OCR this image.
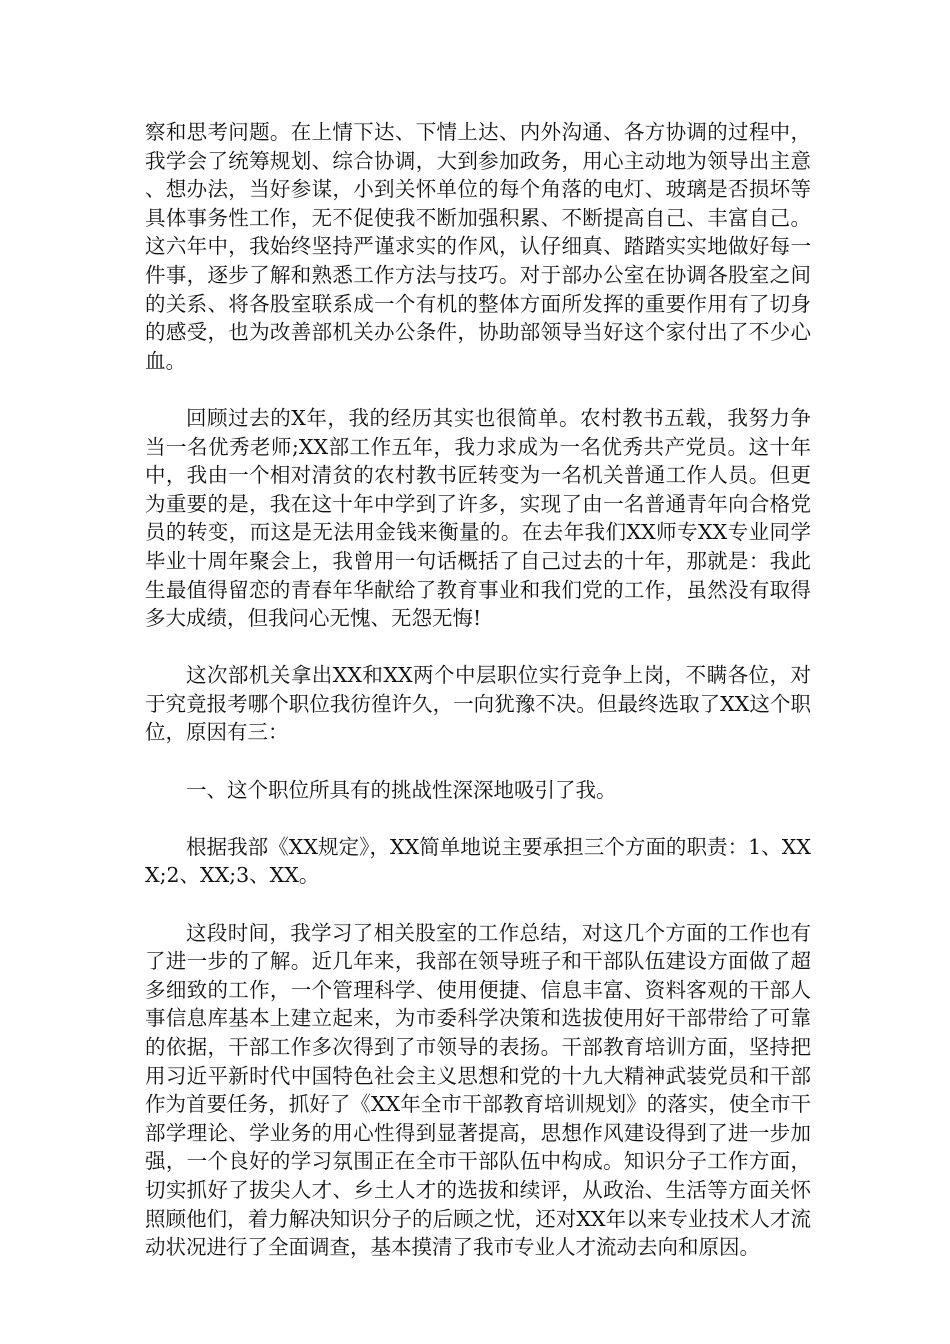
察和思考问题。在上情下达、下情上达、内外沟通、各方协调的过程中，我学会了统筹规划、综合协调，大到参加政务，用心主动地为领导出主意、想办法，当好参谋，小到关怀单位的每个角落的电灯、玻璃是否损坏等具体事务性工作，无不促使我不断加强积累、不断提高自己、丰富自己。这六年中，我始终坚持严谨求实的作风，认仔细真、踏踏实实地做好每一件事，逐步了解和熟悉工作方法与技巧。对于部办公室在协调各股室之间的关系、将各股室联系成一个有机的整体方面所发挥的重要作用有了切身的感受，也为改善部机关办公条件，协助部领导当好这个家付出了不少心血。

回顾过去的X年，我的经历其实也很简单。农村教书五载，我努力争当一名优秀老师;XX部工作五年，我力求成为一名优秀共产党员。这十年中，我由一个相对清贫的农村教书匠转变为一名机关普通工作人员。但更为重要的是，我在这十年中学到了许多，实现了由一名普通青年向合格党员的转变，而这是无法用金钱来衡量的。在去年我们XX师专XX专业同学毕业十周年聚会上，我曾用一句话概括了自己过去的十年，那就是：我此生最值得留恋的青春年华献给了教育事业和我们党的工作，虽然没有取得多大成绩，但我问心无愧、无怨无悔!

这次部机关拿出XX和XX两个中层职位实行竞争上岗，不瞒各位，对于究竟报考哪个职位我彷徨许久，一向犹豫不决。但最终选取了XX这个职位，原因有三：

一、这个职位所具有的挑战性深深地吸引了我。

根据我部《XX规定》，XX简单地说主要承担三个方面的职责：1、XXX;2、XX;3、XX。

这段时间，我学习了相关股室的工作总结，对这几个方面的工作也有了进一步的了解。近几年来，我部在领导班子和干部队伍建设方面做了超多细致的工作，一个管理科学、使用便捷、信息丰富、资料客观的干部人事信息库基本上建立起来，为市委科学决策和选拔使用好干部带给了可靠的依据，干部工作多次得到了市领导的表扬。干部教育培训方面，坚持把用习近平新时代中国特色社会主义思想和党的十九大精神武装党员和干部作为首要任务，抓好了《XX年全市干部教育培训规划》的落实，使全市干部学理论、学业务的用心性得到显著提高，思想作风建设得到了进一步加强，一个良好的学习氛围正在全市干部队伍中构成。知识分子工作方面，切实抓好了拔尖人才、乡土人才的选拔和续评，从政治、生活等方面关怀照顾他们，着力解决知识分子的后顾之忧，还对XX年以来专业技术人才流动状况进行了全面调查，基本摸清了我市专业人才流动去向和原因。
